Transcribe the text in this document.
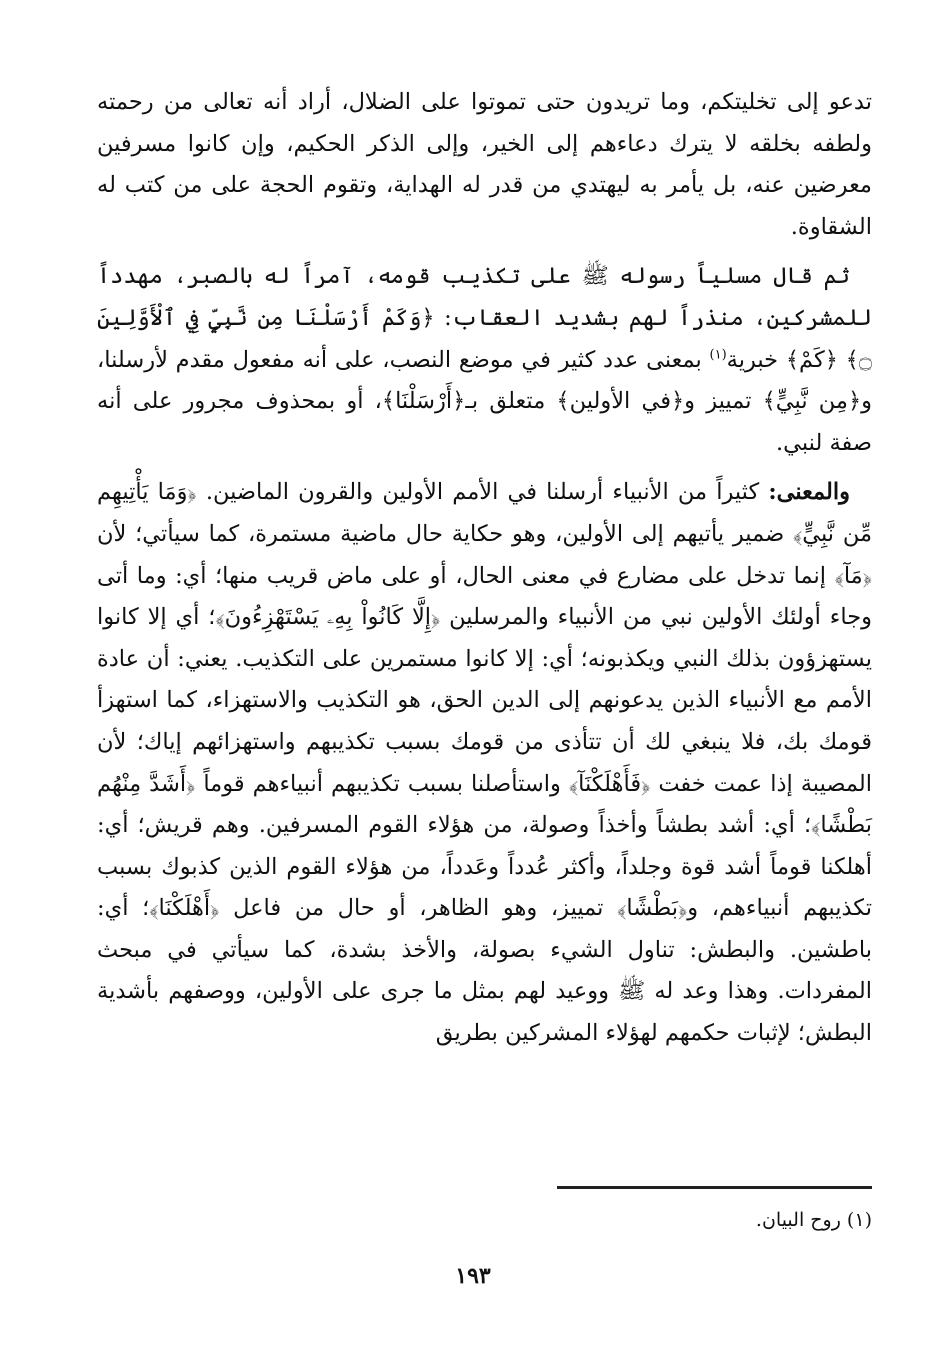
تدعو إلى تخليتكم، وما تريدون حتى تموتوا على الضلال، أراد أنه تعالى من رحمته ولطفه بخلقه لا يترك دعاءهم إلى الخير، وإلى الذكر الحكيم، وإن كانوا مسرفين معرضين عنه، بل يأمر به ليهتدي من قدر له الهداية، وتقوم الحجة على من كتب له الشقاوة.

ثم قال مسلياً رسوله ﷺ على تكذيب قومه، آمراً له بالصبر، مهدداً للمشركين، منذراً لهم بشديد العقاب: ﴿وَكَمْ أَرْسَلْنَا مِن نَّبِيٍّ فِي ٱلْأَوَّلِينَ ۝﴾ ﴿كَمْ﴾ خبرية$^{(١)}$ بمعنى عدد كثير في موضع النصب، على أنه مفعول مقدم لأرسلنا، و﴿مِن نَّبِيٍّ﴾ تمييز و﴿في الأولين﴾ متعلق بـ﴿أَرْسَلْنَا﴾، أو بمحذوف مجرور على أنه صفة لنبي.

والمعنى: كثيراً من الأنبياء أرسلنا في الأمم الأولين والقرون الماضين. ﴿وَمَا يَأْتِيهِم مِّن نَّبِيٍّ﴾ ضمير يأتيهم إلى الأولين، وهو حكاية حال ماضية مستمرة، كما سيأتي؛ لأن ﴿مَآ﴾ إنما تدخل على مضارع في معنى الحال، أو على ماض قريب منها؛ أي: وما أتى وجاء أولئك الأولين نبي من الأنبياء والمرسلين ﴿إِلَّا كَانُواْ بِهِۦ يَسْتَهْزِءُونَ﴾؛ أي إلا كانوا يستهزؤون بذلك النبي ويكذبونه؛ أي: إلا كانوا مستمرين على التكذيب. يعني: أن عادة الأمم مع الأنبياء الذين يدعونهم إلى الدين الحق، هو التكذيب والاستهزاء، كما استهزأ قومك بك، فلا ينبغي لك أن تتأذى من قومك بسبب تكذيبهم واستهزائهم إياك؛ لأن المصيبة إذا عمت خفت ﴿فَأَهْلَكْنَآ﴾ واستأصلنا بسبب تكذيبهم أنبياءهم قوماً ﴿أَشَدَّ مِنْهُم بَطْشًا﴾؛ أي: أشد بطشاً وأخذاً وصولة، من هؤلاء القوم المسرفين. وهم قريش؛ أي: أهلكنا قوماً أشد قوة وجلداً، وأكثر عُدداً وعَدداً، من هؤلاء القوم الذين كذبوك بسبب تكذيبهم أنبياءهم، و﴿بَطْشًا﴾ تمييز، وهو الظاهر، أو حال من فاعل ﴿أَهْلَكْنَا﴾؛ أي: باطشين. والبطش: تناول الشيء بصولة، والأخذ بشدة، كما سيأتي في مبحث المفردات. وهذا وعد له ﷺ ووعيد لهم بمثل ما جرى على الأولين، ووصفهم بأشدية البطش؛ لإثبات حكمهم لهؤلاء المشركين بطريق

(١) روح البيان.
١٩٣
